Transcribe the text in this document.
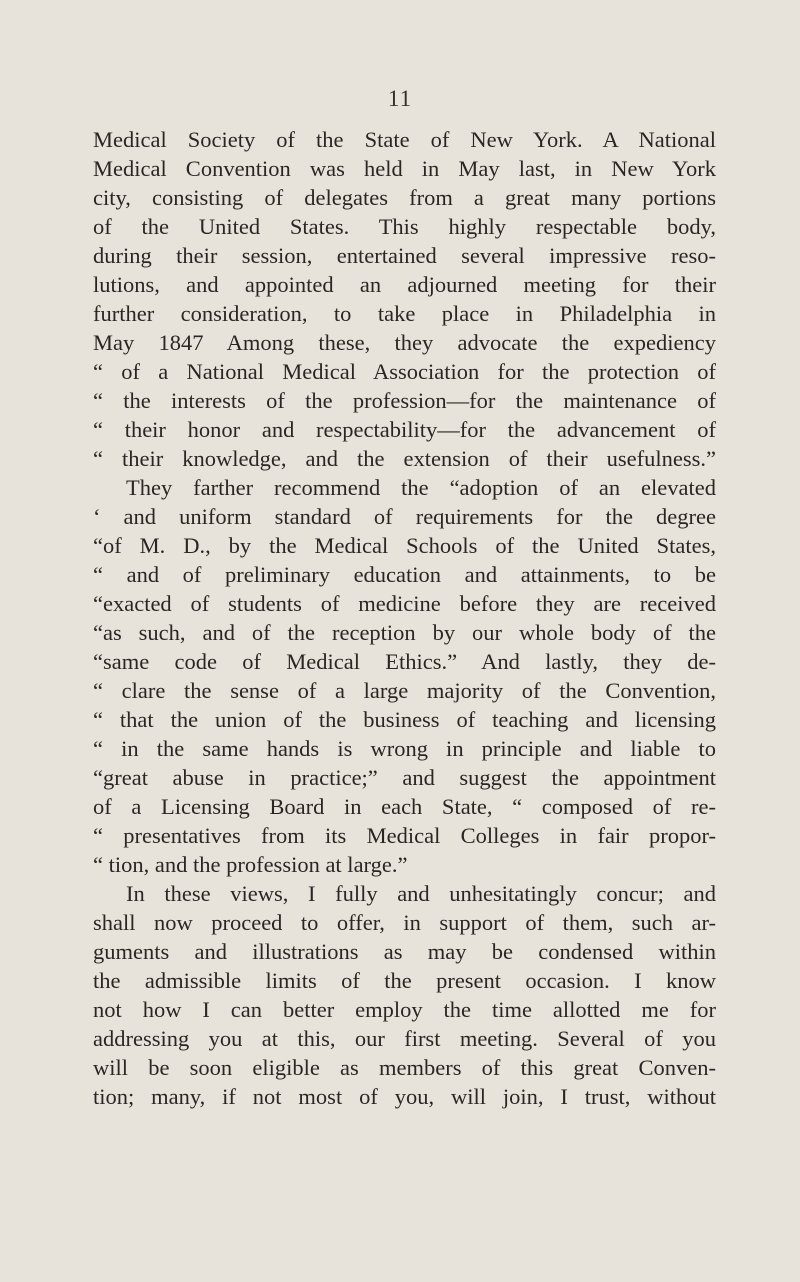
11
Medical Society of the State of New York. A National
Medical Convention was held in May last, in New York
city, consisting of delegates from a great many portions
of the United States. This highly respectable body,
during their session, entertained several impressive reso-
lutions, and appointed an adjourned meeting for their
further consideration, to take place in Philadelphia in
May 1847 Among these, they advocate the expediency
“ of a National Medical Association for the protection of
“ the interests of the profession—for the maintenance of
“ their honor and respectability—for the advancement of
“ their knowledge, and the extension of their usefulness.”
They farther recommend the “adoption of an elevated
‘ and uniform standard of requirements for the degree
“of M. D., by the Medical Schools of the United States,
“ and of preliminary education and attainments, to be
“exacted of students of medicine before they are received
“as such, and of the reception by our whole body of the
“same code of Medical Ethics.” And lastly, they de-
“ clare the sense of a large majority of the Convention,
“ that the union of the business of teaching and licensing
“ in the same hands is wrong in principle and liable to
“great abuse in practice;” and suggest the appointment
of a Licensing Board in each State, “ composed of re-
“ presentatives from its Medical Colleges in fair propor-
“ tion, and the profession at large.”
In these views, I fully and unhesitatingly concur; and
shall now proceed to offer, in support of them, such ar-
guments and illustrations as may be condensed within
the admissible limits of the present occasion. I know
not how I can better employ the time allotted me for
addressing you at this, our first meeting. Several of you
will be soon eligible as members of this great Conven-
tion; many, if not most of you, will join, I trust, without
